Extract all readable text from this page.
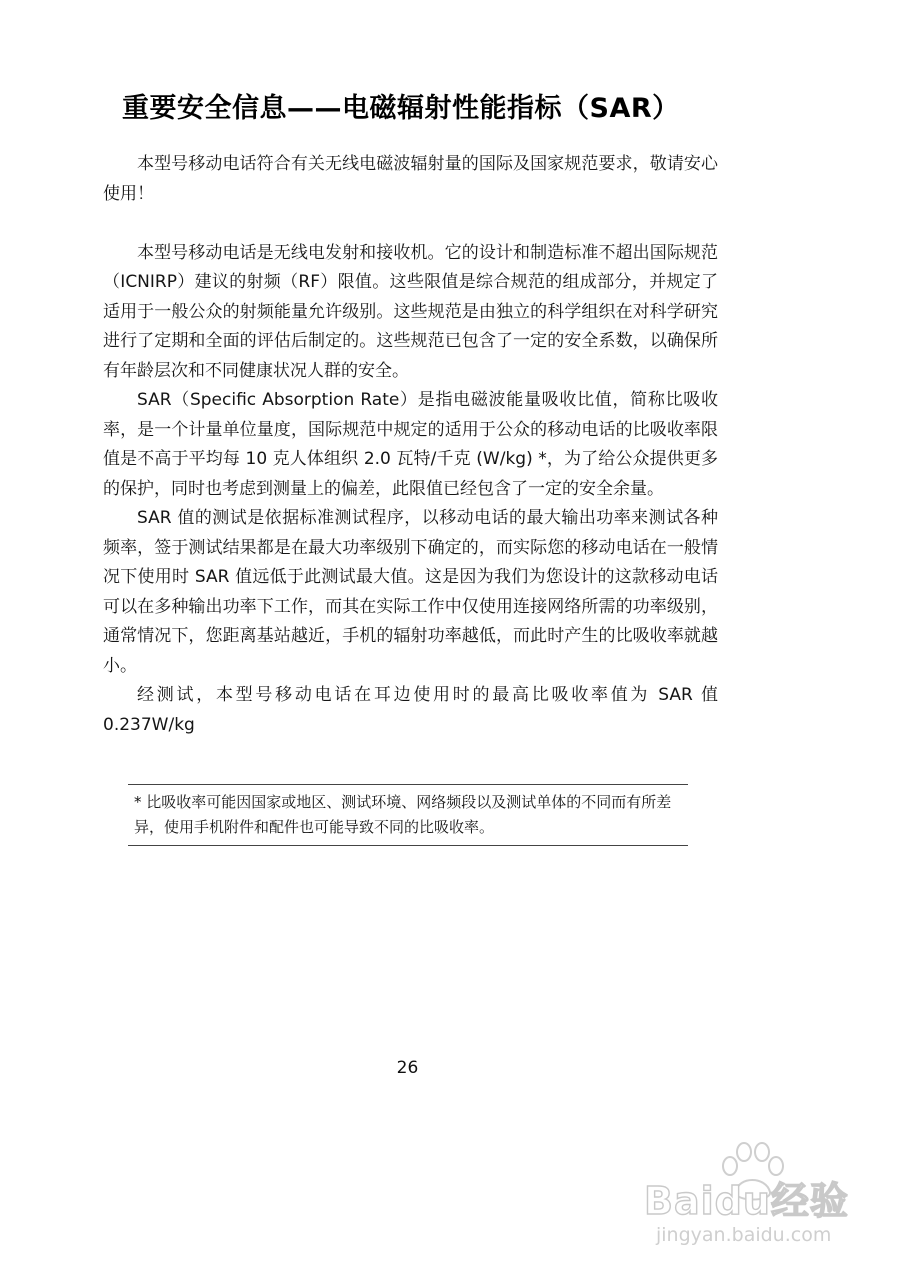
重要安全信息——电磁辐射性能指标（SAR）

本型号移动电话符合有关无线电磁波辐射量的国际及国家规范要求，敬请安心使用！

本型号移动电话是无线电发射和接收机。它的设计和制造标准不超出国际规范（ICNIRP）建议的射频（RF）限值。这些限值是综合规范的组成部分，并规定了适用于一般公众的射频能量允许级别。这些规范是由独立的科学组织在对科学研究进行了定期和全面的评估后制定的。这些规范已包含了一定的安全系数，以确保所有年龄层次和不同健康状况人群的安全。

SAR（Specific Absorption Rate）是指电磁波能量吸收比值，简称比吸收率，是一个计量单位量度，国际规范中规定的适用于公众的移动电话的比吸收率限值是不高于平均每 10 克人体组织 2.0 瓦特/千克 (W/kg) *，为了给公众提供更多的保护，同时也考虑到测量上的偏差，此限值已经包含了一定的安全余量。

SAR 值的测试是依据标准测试程序，以移动电话的最大输出功率来测试各种频率，签于测试结果都是在最大功率级别下确定的，而实际您的移动电话在一般情况下使用时 SAR 值远低于此测试最大值。这是因为我们为您设计的这款移动电话可以在多种输出功率下工作，而其在实际工作中仅使用连接网络所需的功率级别，通常情况下，您距离基站越近，手机的辐射功率越低，而此时产生的比吸收率就越小。

经测试，本型号移动电话在耳边使用时的最高比吸收率值为 SAR 值 0.237W/kg

* 比吸收率可能因国家或地区、测试环境、网络频段以及测试单体的不同而有所差异，使用手机附件和配件也可能导致不同的比吸收率。
26
Baidu经验
jingyan.baidu.com
